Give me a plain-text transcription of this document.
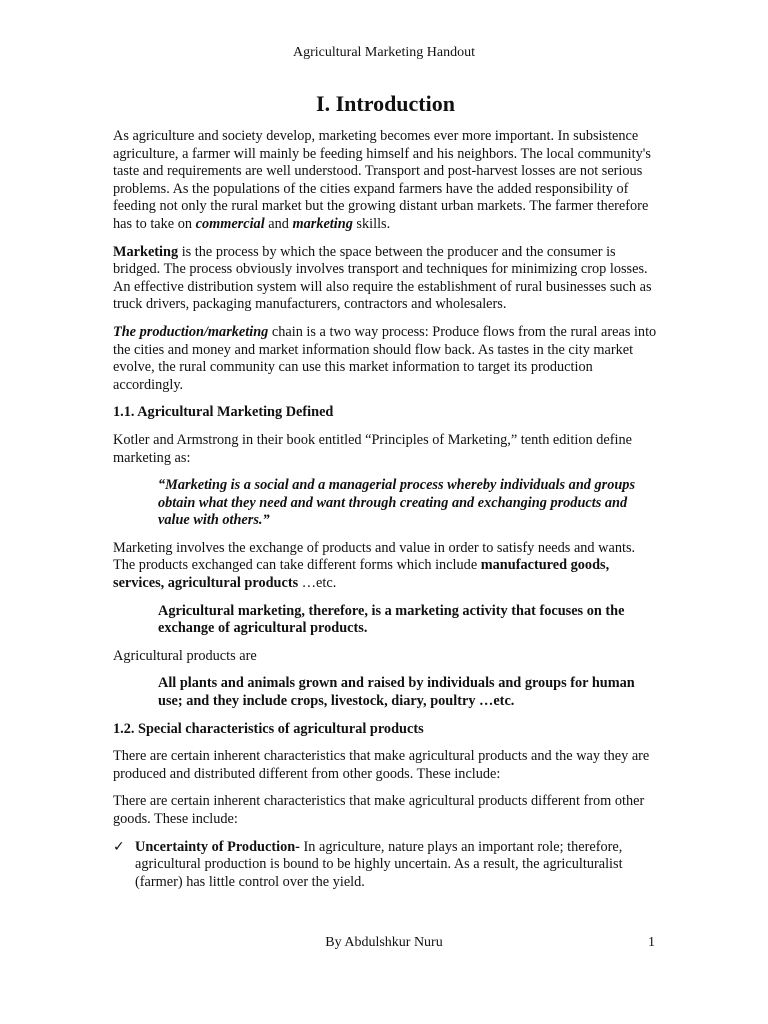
Agricultural Marketing Handout
I. Introduction

As agriculture and society develop, marketing becomes ever more important. In subsistence agriculture, a farmer will mainly be feeding himself and his neighbors. The local community's taste and requirements are well understood. Transport and post-harvest losses are not serious problems. As the populations of the cities expand farmers have the added responsibility of feeding not only the rural market but the growing distant urban markets. The farmer therefore has to take on commercial and marketing skills.

Marketing is the process by which the space between the producer and the consumer is bridged. The process obviously involves transport and techniques for minimizing crop losses. An effective distribution system will also require the establishment of rural businesses such as truck drivers, packaging manufacturers, contractors and wholesalers.

The production/marketing chain is a two way process: Produce flows from the rural areas into the cities and money and market information should flow back. As tastes in the city market evolve, the rural community can use this market information to target its production accordingly.

1.1. Agricultural Marketing Defined

Kotler and Armstrong in their book entitled “Principles of Marketing,” tenth edition define marketing as:

“Marketing is a social and a managerial process whereby individuals and groups obtain what they need and want through creating and exchanging products and value with others.”

Marketing involves the exchange of products and value in order to satisfy needs and wants. The products exchanged can take different forms which include manufactured goods, services, agricultural products …etc.

Agricultural marketing, therefore, is a marketing activity that focuses on the exchange of agricultural products.

Agricultural products are

All plants and animals grown and raised by individuals and groups for human use; and they include crops, livestock, diary, poultry …etc.

1.2. Special characteristics of agricultural products

There are certain inherent characteristics that make agricultural products and the way they are produced and distributed different from other goods. These include:

There are certain inherent characteristics that make agricultural products different from other goods. These include:

✓ Uncertainty of Production- In agriculture, nature plays an important role; therefore, agricultural production is bound to be highly uncertain. As a result, the agriculturalist (farmer) has little control over the yield.
By Abdulshkur Nuru	1
